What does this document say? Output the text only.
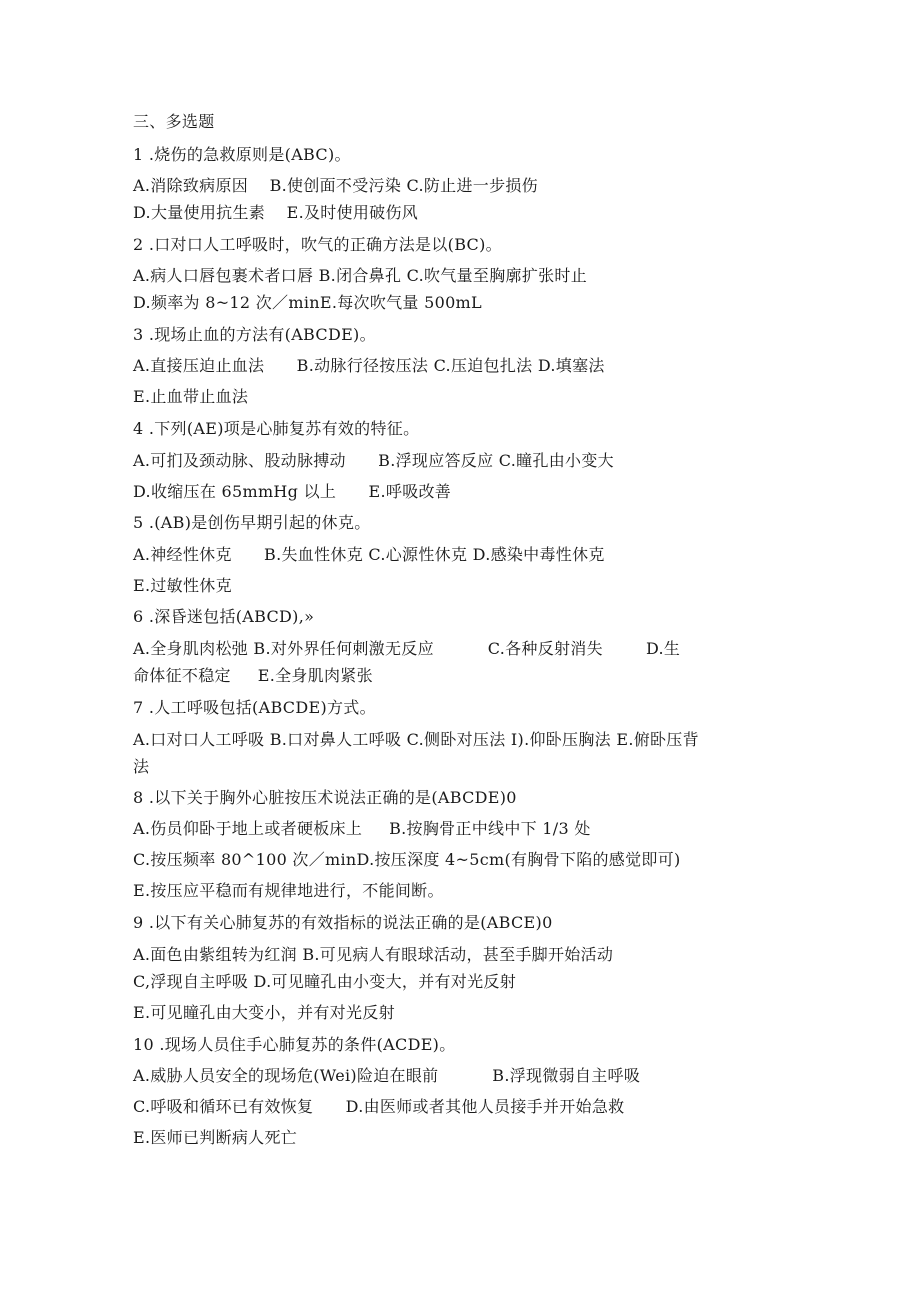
三、多选题
1 .烧伤的急救原则是(ABC)。
A.消除致病原因    B.使创面不受污染 C.防止进一步损伤
D.大量使用抗生素    E.及时使用破伤风
2 .口对口人工呼吸时，吹气的正确方法是以(BC)。
A.病人口唇包裹术者口唇 B.闭合鼻孔 C.吹气量至胸廓扩张时止
D.频率为 8~12 次／minE.每次吹气量 500mL
3 .现场止血的方法有(ABCDE)。
A.直接压迫止血法      B.动脉行径按压法 C.压迫包扎法 D.填塞法
E.止血带止血法
4 .下列(AE)项是心肺复苏有效的特征。
A.可扪及颈动脉、股动脉搏动      B.浮现应答反应 C.瞳孔由小变大
D.收缩压在 65mmHg 以上      E.呼吸改善
5 .(AB)是创伤早期引起的休克。
A.神经性休克      B.失血性休克 C.心源性休克 D.感染中毒性休克
E.过敏性休克
6 .深昏迷包括(ABCD),»
A.全身肌肉松弛 B.对外界任何刺激无反应          C.各种反射消失        D.生
命体征不稳定     E.全身肌肉紧张
7 .人工呼吸包括(ABCDE)方式。
A.口对口人工呼吸 B.口对鼻人工呼吸 C.侧卧对压法 I).仰卧压胸法 E.俯卧压背
法
8 .以下关于胸外心脏按压术说法正确的是(ABCDE)0
A.伤员仰卧于地上或者硬板床上     B.按胸骨正中线中下 1/3 处
C.按压频率 80^100 次／minD.按压深度 4~5cm(有胸骨下陷的感觉即可)
E.按压应平稳而有规律地进行，不能间断。
9 .以下有关心肺复苏的有效指标的说法正确的是(ABCE)0
A.面色由紫组转为红润 B.可见病人有眼球活动，甚至手脚开始活动
C,浮现自主呼吸 D.可见瞳孔由小变大，并有对光反射
E.可见瞳孔由大变小，并有对光反射
10 .现场人员住手心肺复苏的条件(ACDE)。
A.威胁人员安全的现场危(Wei)险迫在眼前          B.浮现微弱自主呼吸
C.呼吸和循环已有效恢复      D.由医师或者其他人员接手并开始急救
E.医师已判断病人死亡
